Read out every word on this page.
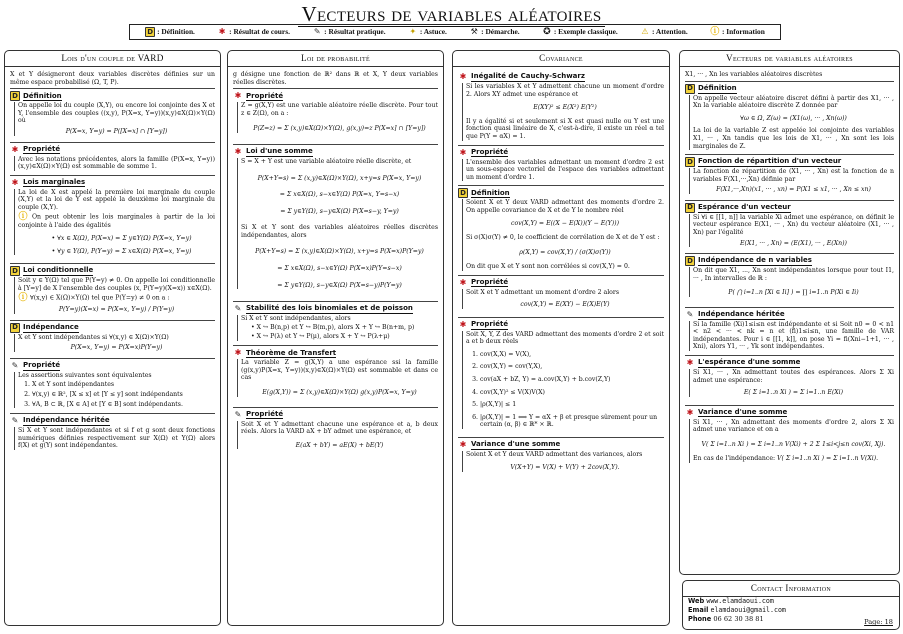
Vecteurs de variables aléatoires
D : Définition.	✱ : Résultat de cours.	✎ : Résultat pratique.	✦ : Astuce.	⚒ : Démarche.	✪ : Exemple classique.	⚠ : Attention.	ⓘ : Information
Lois d'un couple de VARD
X et Y désigneront deux variables discrètes définies sur un même espace probabilisé (Ω, T, P).
D Définition
On appelle loi du couple (X,Y), ou encore loi conjointe des X et Y, l'ensemble des couples ((x,y), P(X=x, Y=y))(x,y)∈X(Ω)×Y(Ω) où
P(X=x, Y=y) = P([X=x] ∩ [Y=y])
✱ Propriété
Avec les notations précédentes, alors la famille (P(X=x, Y=y))(x,y)∈X(Ω)×Y(Ω) est sommable de somme 1.
✱ Lois marginales
La loi de X est appelé la première loi marginale du couple (X,Y) et la loi de Y est appelé la deuxième loi marginale du couple (X,Y).
ⓘ On peut obtenir les lois marginales à partir de la loi conjointe à l'aide des égalités
• ∀x ∈ X(Ω), P(X=x) = Σ y∈Y(Ω) P(X=x, Y=y)
• ∀y ∈ Y(Ω), P(Y=y) = Σ x∈X(Ω) P(X=x, Y=y)
D Loi conditionnelle
Soit y ∈ Y(Ω) tel que P(Y=y) ≠ 0. On appelle loi conditionnelle à [Y=y] de X l'ensemble des couples (x, P(Y=y)(X=x)) x∈X(Ω).
ⓘ ∀(x,y) ∈ X(Ω)×Y(Ω) tel que P(Y=y) ≠ 0 on a :
P(Y=y)(X=x) = P(X=x, Y=y) / P(Y=y)
D Indépendance
X et Y sont indépendantes si ∀(x,y) ∈ X(Ω)×Y(Ω)
P(X=x, Y=y) = P(X=x)P(Y=y)
✎ Propriété
Les assertions suivantes sont équivalentes
1. X et Y sont indépendantes
2. ∀(x,y) ∈ ℝ², [X ≤ x] et [Y ≤ y] sont indépendants
3. ∀A, B ⊂ ℝ, [X ∈ A] et [Y ∈ B] sont indépendants.
✎ Indépendance héritée
Si X et Y sont indépendantes et si f et g sont deux fonctions numériques définies respectivement sur X(Ω) et Y(Ω) alors f(X) et g(Y) sont indépendantes.
Loi de probabilité
g désigne une fonction de ℝ² dans ℝ et X, Y deux variables réelles discrètes.
✱ Propriété
Z = g(X,Y) est une variable aléatoire réelle discrète. Pour tout z ∈ Z(Ω), on a :
P(Z=z) = Σ (x,y)∈X(Ω)×Y(Ω), g(x,y)=z P(X=x] ∩ [Y=y])
✱ Loi d'une somme
S = X + Y est une variable aléatoire réelle discrète, et
P(X+Y=s) = Σ (x,y)∈X(Ω)×Y(Ω), x+y=s P(X=x, Y=y)
= Σ x∈X(Ω), s−x∈Y(Ω) P(X=x, Y=s−x)
= Σ y∈Y(Ω), s−y∈X(Ω) P(X=s−y, Y=y)
Si X et Y sont des variables aléatoires réelles discrètes indépendantes, alors
P(X+Y=s) = Σ (x,y)∈X(Ω)×Y(Ω), x+y=s P(X=x)P(Y=y)
= Σ x∈X(Ω), s−x∈Y(Ω) P(X=x)P(Y=s−x)
= Σ y∈Y(Ω), s−y∈X(Ω) P(X=s−y)P(Y=y)
✎ Stabilité des lois binomiales et de poisson
Si X et Y sont indépendantes, alors
• X ↪ B(n,p) et Y ↪ B(m,p), alors X + Y ↪ B(n+m, p)
• X ↪ P(λ) et Y ↪ P(μ), alors X + Y ↪ P(λ+μ)
✱ Théorème de Transfert
La variable Z = g(X,Y) a une espérance ssi la famille (g(x,y)P(X=x, Y=y))(x,y)∈X(Ω)×Y(Ω) est sommable et dans ce cas
E(g(X,Y)) = Σ (x,y)∈X(Ω)×Y(Ω) g(x,y)P(X=x, Y=y)
✎ Propriété
Soit X et Y admettant chacune une espérance et a, b deux réels. Alors la VARD aX + bY admet une espérance, et
E(aX + bY) = aE(X) + bE(Y)
Covariance
✱ Inégalité de Cauchy-Schwarz
Si les variables X et Y admettent chacune un moment d'ordre 2. Alors XY admet une espérance et
E(XY)² ≤ E(X²) E(Y²)
Il y a égalité si et seulement si X est quasi nulle ou Y est une fonction quasi linéaire de X, c'est-à-dire, il existe un réel α tel que P(Y = αX) = 1.
✱ Propriété
L'ensemble des variables admettant un moment d'ordre 2 est un sous-espace vectoriel de l'espace des variables admettant un moment d'ordre 1.
D Définition
Soient X et Y deux VARD admettant des moments d'ordre 2. On appelle covariance de X et de Y le nombre réel
cov(X,Y) = E((X − E(X))(Y − E(Y)))
Si σ(X)σ(Y) ≠ 0, le coefficient de corrélation de X et de Y est :
ρ(X,Y) = cov(X,Y) / (σ(X)σ(Y))
On dit que X et Y sont non corrélées si cov(X,Y) = 0.
✱ Propriété
Soit X et Y admettant un moment d'ordre 2 alors
cov(X,Y) = E(XY) − E(X)E(Y)
✱ Propriété
Soit X, Y, Z des VARD admettant des moments d'ordre 2 et soit a et b deux réels
1. cov(X,X) = V(X),
2. cov(X,Y) = cov(Y,X),
3. cov(aX + bZ, Y) = a.cov(X,Y) + b.cov(Z,Y)
4. cov(X,Y)² ≤ V(X)V(X)
5. |ρ(X,Y)| ≤ 1
6. |ρ(X,Y)| = 1 ⟺ Y = αX + β et presque sûrement pour un certain (α, β) ∈ ℝ* × ℝ.
✱ Variance d'une somme
Soient X et Y deux VARD admettant des variances, alors
V(X+Y) = V(X) + V(Y) + 2cov(X,Y).
Vecteurs de variables aléatoires
X1, ··· , Xn les variables aléatoires discrètes
D Définition
On appelle vecteur aléatoire discret défini à partir des X1, ··· , Xn la variable aléatoire discrète Z donnée par
∀ω ∈ Ω, Z(ω) = (X1(ω), ··· , Xn(ω))
La loi de la variable Z est appelée loi conjointe des variables X1, ··· , Xn tandis que les lois de X1, ··· , Xn sont les lois marginales de Z.
D Fonction de répartition d'un vecteur
La fonction de répartition de (X1, ··· , Xn) est la fonction de n variables F(X1,···,Xn) définie par
F(X1,···,Xn)(x1, ··· , xn) = P(X1 ≤ x1, ··· , Xn ≤ xn)
D Espérance d'un vecteur
Si ∀i ∈ [[1, n]] la variable Xi admet une espérance, on définit le vecteur espérance E(X1, ··· , Xn) du vecteur aléatoire (X1, ··· , Xn) par l'égalité
E(X1, ··· , Xn) = (E(X1), ··· , E(Xn))
D Indépendance de n variables
On dit que X1, ..., Xn sont indépendantes lorsque pour tout I1, ··· , In intervalles de ℝ :
P( ⋂ i=1..n [Xi ∈ Ii] ) = ∏ i=1..n P(Xi ∈ Ii)
✎ Indépendance héritée
Si la famille (Xi)1≤i≤n est indépendante et si Soit n0 = 0 < n1 < n2 < ··· < nk = n et (fi)1≤i≤n, une famille de VAR indépendantes. Pour i ∈ [[1, k]], on pose Yi = fi(Xni−1+1, ··· , Xni), alors Y1, ··· , Yk sont indépendantes.
✱ L'espérance d'une somme
Si X1, ··· , Xn admettant toutes des espérances. Alors Σ Xi admet une espérance:
E( Σ i=1..n Xi ) = Σ i=1..n E(Xi)
✱ Variance d'une somme
Si X1, ··· , Xn admettant des moments d'ordre 2, alors Σ Xi admet une variance et on a
V( Σ i=1..n Xi ) = Σ i=1..n V(Xi) + 2 Σ 1≤i<j≤n cov(Xi, Xj).
En cas de l'indépendance: V( Σ i=1..n Xi ) = Σ i=1..n V(Xi).
Contact Information
Web www.elamdaoui.com
Email elamdaoui@gmail.com
Phone 06 62 30 38 81	Page: 18
